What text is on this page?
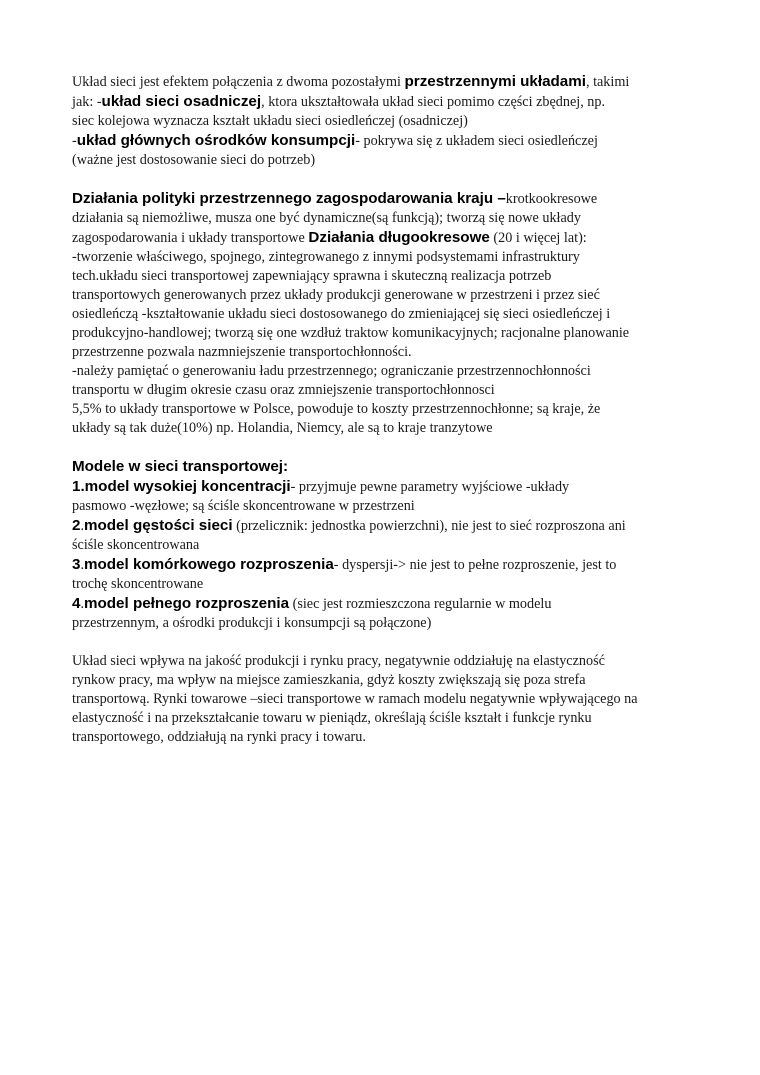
Układ sieci jest efektem połączenia z dwoma pozostałymi przestrzennymi układami, takimi

jak: -układ sieci osadniczej, ktora ukształtowała układ sieci pomimo części zbędnej, np.

siec kolejowa wyznacza kształt układu sieci osiedleńczej (osadniczej)

-układ głównych ośrodków konsumpcji- pokrywa się z układem sieci osiedleńczej

(ważne jest dostosowanie sieci do potrzeb)

Działania polityki przestrzennego zagospodarowania kraju –krotkookresowe

działania są niemożliwe, musza one być dynamiczne(są funkcją); tworzą się nowe układy

zagospodarowania i układy transportowe Działania długookresowe (20 i więcej lat):

-tworzenie właściwego, spojnego, zintegrowanego z innymi podsystemami infrastruktury

tech.układu sieci transportowej zapewniający sprawna i skuteczną realizacja potrzeb

transportowych generowanych przez układy produkcji generowane w przestrzeni i przez sieć

osiedleńczą -kształtowanie układu sieci dostosowanego do zmieniającej się sieci osiedleńczej i

produkcyjno-handlowej; tworzą się one wzdłuż traktow komunikacyjnych; racjonalne planowanie

przestrzenne pozwala nazmniejszenie transportochłonności.

-należy pamiętać o generowaniu ładu przestrzennego; ograniczanie przestrzennochłonności

transportu w długim okresie czasu oraz zmniejszenie transportochłonnosci

5,5% to układy transportowe w Polsce, powoduje to koszty przestrzennochłonne; są kraje, że

układy są tak duże(10%) np. Holandia, Niemcy, ale są to kraje tranzytowe

Modele w sieci transportowej:

1.model wysokiej koncentracji- przyjmuje pewne parametry wyjściowe -układy

pasmowo -węzłowe; są ściśle skoncentrowane w przestrzeni

2.model gęstości sieci (przelicznik: jednostka powierzchni), nie jest to sieć rozproszona ani

ściśle skoncentrowana

3.model komórkowego rozproszenia- dyspersji-> nie jest to pełne rozproszenie, jest to

trochę skoncentrowane

4.model pełnego rozproszenia (siec jest rozmieszczona regularnie w modelu

przestrzennym, a ośrodki produkcji i konsumpcji są połączone)

Układ sieci wpływa na jakość produkcji i rynku pracy, negatywnie oddziałuję na elastyczność

rynkow pracy, ma wpływ na miejsce zamieszkania, gdyż koszty zwiększają się poza strefa

transportową. Rynki towarowe –sieci transportowe w ramach modelu negatywnie wpływającego na

elastyczność i na przekształcanie towaru w pieniądz, określają ściśle kształt i funkcje rynku

transportowego, oddziałują na rynki pracy i towaru.
